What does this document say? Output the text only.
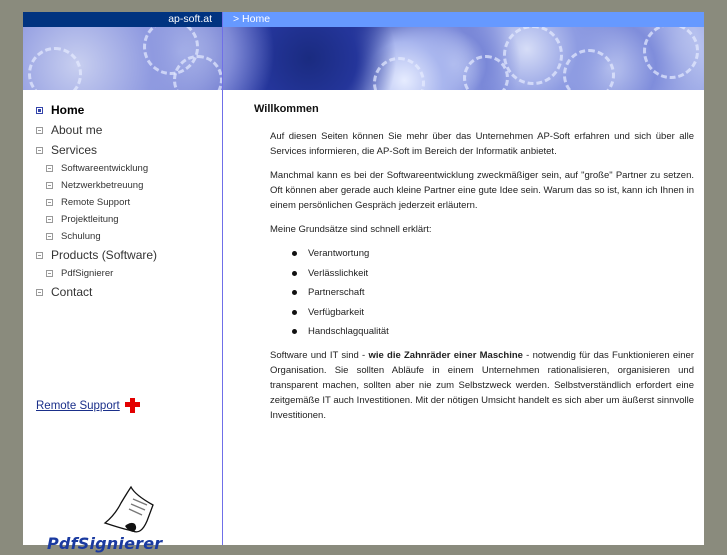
ap-soft.at	> Home
Home
About me
Services
Softwareentwicklung
Netzwerkbetreuung
Remote Support
Projektleitung
Schulung
Products (Software)
PdfSignierer
Contact
Remote Support
PdfSignierer
Willkommen

Auf diesen Seiten können Sie mehr über das Unternehmen AP-Soft erfahren und sich über alle Services informieren, die AP-Soft im Bereich der Informatik anbietet.

Manchmal kann es bei der Softwareentwicklung zweckmäßiger sein, auf "große" Partner zu setzen. Oft können aber gerade auch kleine Partner eine gute Idee sein. Warum das so ist, kann ich Ihnen in einem persönlichen Gespräch jederzeit erläutern.

Meine Grundsätze sind schnell erklärt:

Verantwortung
Verlässlichkeit
Partnerschaft
Verfügbarkeit
Handschlagqualität

Software und IT sind - wie die Zahnräder einer Maschine - notwendig für das Funktionieren einer Organisation. Sie sollten Abläufe in einem Unternehmen rationalisieren, organisieren und transparent machen, sollten aber nie zum Selbstzweck werden. Selbstverständlich erfordert eine zeitgemäße IT auch Investitionen. Mit der nötigen Umsicht handelt es sich aber um äußerst sinnvolle Investitionen.
